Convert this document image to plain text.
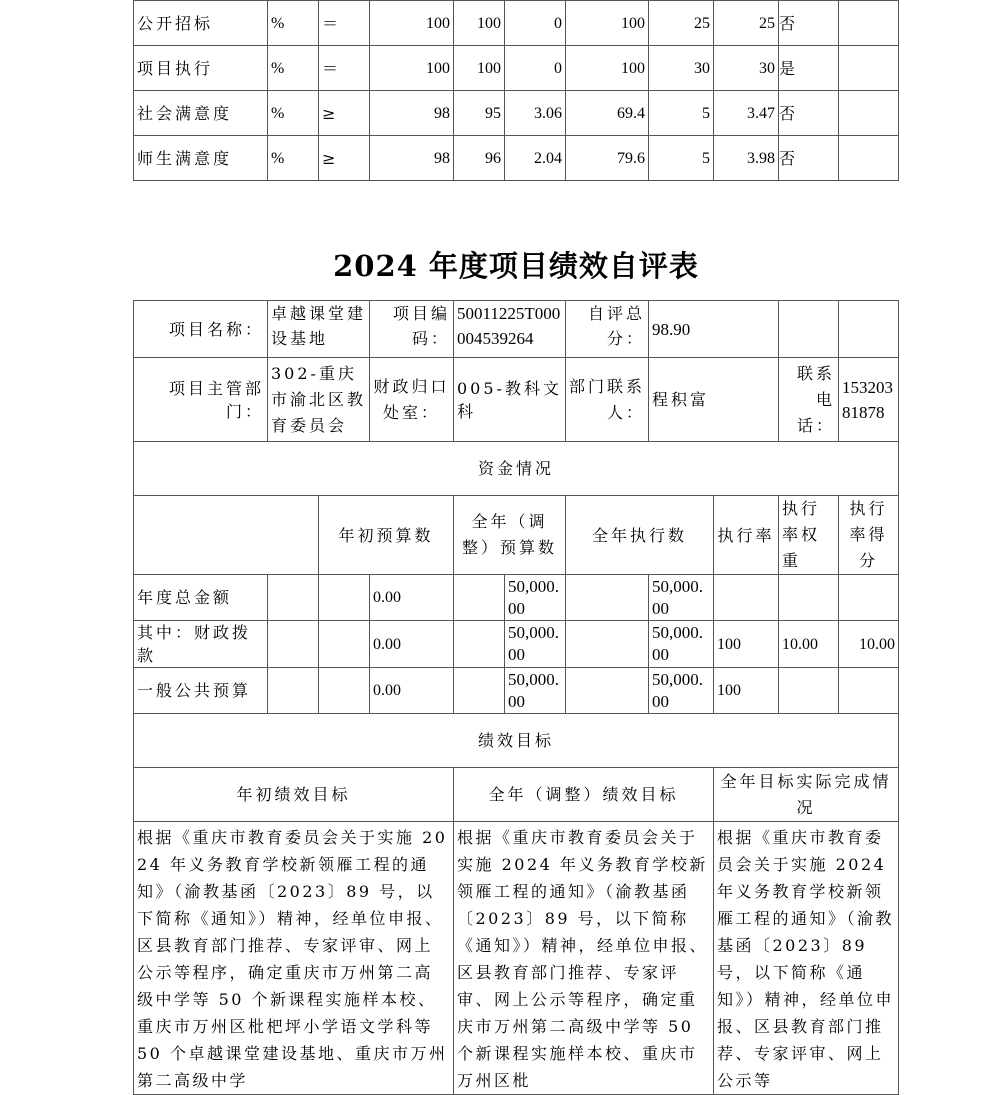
公开招标	%	＝	100	100	0	100	25	25	否	
项目执行	%	＝	100	100	0	100	30	30	是	
社会满意度	%	≥	98	95	3.06	69.4	5	3.47	否	
师生满意度	%	≥	98	96	2.04	79.6	5	3.98	否	
2024 年度项目绩效自评表
项目名称：	卓越课堂建设基地		项目编码：	50011225T000004539264		自评总分：	98.90			
项目主管部门：	302-重庆市渝北区教育委员会		财政归口处室：	005-教科文科		部门联系人：	程积富		联系电话：	15320381878
资金情况										
		年初预算数		全年（调整）预算数		全年执行数		执行率	执行率权重	执行率得分
年度总金额			0.00		50,000.00		50,000.00			
其中：财政拨款			0.00		50,000.00		50,000.00	100	10.00	10.00
一般公共预算			0.00		50,000.00		50,000.00	100		
绩效目标										
年初绩效目标				全年（调整）绩效目标				全年目标实际完成情况		
根据《重庆市教育委员会关于实施 2024 年义务教育学校新领雁工程的通知》（渝教基函〔2023〕89 号，以下简称《通知》）精神，经单位申报、区县教育部门推荐、专家评审、网上公示等程序，确定重庆市万州第二高级中学等 50 个新课程实施样本校、重庆市万州区枇杷坪小学语文学科等 50 个卓越课堂建设基地、重庆市万州第二高级中学				根据《重庆市教育委员会关于实施 2024 年义务教育学校新领雁工程的通知》（渝教基函〔2023〕89 号，以下简称《通知》）精神，经单位申报、区县教育部门推荐、专家评审、网上公示等程序，确定重庆市万州第二高级中学等 50 个新课程实施样本校、重庆市万州区枇				根据《重庆市教育委员会关于实施 2024 年义务教育学校新领雁工程的通知》（渝教基函〔2023〕89 号，以下简称《通知》）精神，经单位申报、区县教育部门推荐、专家评审、网上公示等		
